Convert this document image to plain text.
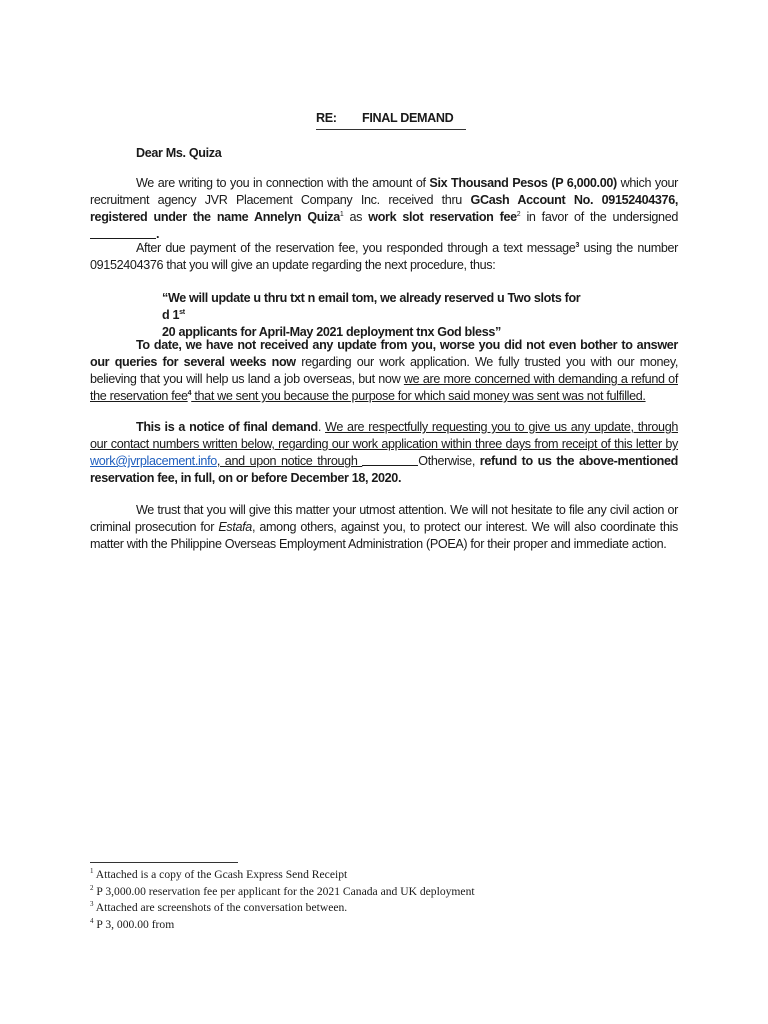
RE: FINAL DEMAND
Dear Ms. Quiza
We are writing to you in connection with the amount of Six Thousand Pesos (P 6,000.00) which your recruitment agency JVR Placement Company Inc. received thru GCash Account No. 09152404376, registered under the name Annelyn Quiza$^1$ as work slot reservation fee$^2$ in favor of the undersigned .
After due payment of the reservation fee, you responded through a text message$^3$ using the number 09152404376 that you will give an update regarding the next procedure, thus:
“We will update u thru txt n email tom, we already reserved u Two slots for d 1st
20 applicants for April-May 2021 deployment tnx God bless”
To date, we have not received any update from you, worse you did not even bother to answer our queries for several weeks now regarding our work application. We fully trusted you with our money, believing that you will help us land a job overseas, but now we are more concerned with demanding a refund of the reservation fee$^4$ that we sent you because the purpose for which said money was sent was not fulfilled.
This is a notice of final demand. We are respectfully requesting you to give us any update, through our contact numbers written below, regarding our work application within three days from receipt of this letter by work@jvrplacement.info, and upon notice through	Otherwise, refund to us the above-mentioned reservation fee, in full, on or before December 18, 2020.
We trust that you will give this matter your utmost attention. We will not hesitate to file any civil action or criminal prosecution for Estafa, among others, against you, to protect our interest. We will also coordinate this matter with the Philippine Overseas Employment Administration (POEA) for their proper and immediate action.
$^1$ Attached is a copy of the Gcash Express Send Receipt
$^2$ P 3,000.00 reservation fee per applicant for the 2021 Canada and UK deployment
$^3$ Attached are screenshots of the conversation between.
$^4$ P 3, 000.00 from
